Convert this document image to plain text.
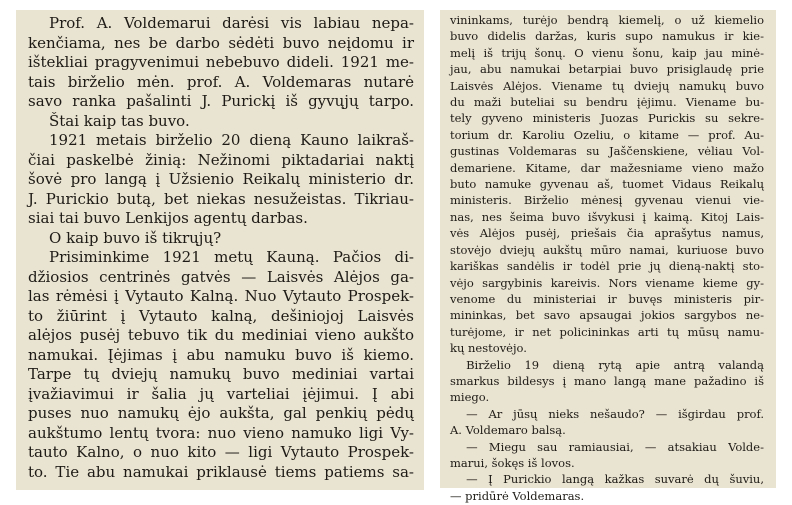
Prof. A. Voldemarui darėsi vis labiau nepa-
kenčiama, nes be darbo sėdėti buvo neįdomu ir
ištekliai pragyvenimui nebebuvo dideli. 1921 me-
tais birželio mėn. prof. A. Voldemaras nutarė
savo ranka pašalinti J. Purickį iš gyvųjų tarpo.
Štai kaip tas buvo.
1921 metais birželio 20 dieną Kauno laikraš-
čiai paskelbė žinią: Nežinomi piktadariai naktį
šovė pro langą į Užsienio Reikalų ministerio dr.
J. Purickio butą, bet niekas nesužeistas. Tikriau-
siai tai buvo Lenkijos agentų darbas.
O kaip buvo iš tikrųjų?
Prisiminkime 1921 metų Kauną. Pačios di-
džiosios centrinės gatvės — Laisvės Alėjos ga-
las rėmėsi į Vytauto Kalną. Nuo Vytauto Prospek-
to žiūrint į Vytauto kalną, dešiniojoj Laisvės
alėjos pusėj tebuvo tik du mediniai vieno aukšto
namukai. Įėjimas į abu namuku buvo iš kiemo.
Tarpe tų dviejų namukų buvo mediniai vartai
įvažiavimui ir šalia jų varteliai įėjimui. Į abi
puses nuo namukų ėjo aukšta, gal penkių pėdų
aukštumo lentų tvora: nuo vieno namuko ligi Vy-
tauto Kalno, o nuo kito — ligi Vytauto Prospek-
to. Tie abu namukai priklausė tiems patiems sa-
vininkams, turėjo bendrą kiemelį, o už kiemelio
buvo didelis daržas, kuris supo namukus ir kie-
melį iš trijų šonų. O vienu šonu, kaip jau minė-
jau, abu namukai betarpiai buvo prisiglaudę prie
Laisvės Alėjos. Viename tų dviejų namukų buvo
du maži buteliai su bendru įėjimu. Viename bu-
tely gyveno ministeris Juozas Purickis su sekre-
torium dr. Karoliu Ozeliu, o kitame — prof. Au-
gustinas Voldemaras su Jaščenskiene, vėliau Vol-
demariene. Kitame, dar mažesniame vieno mažo
buto namuke gyvenau aš, tuomet Vidaus Reikalų
ministeris. Birželio mėnesį gyvenau vienui vie-
nas, nes šeima buvo išvykusi į kaimą. Kitoj Lais-
vės Alėjos pusėj, priešais čia aprašytus namus,
stovėjo dviejų aukštų mūro namai, kuriuose buvo
kariškas sandėlis ir todėl prie jų dieną-naktį sto-
vėjo sargybinis kareivis. Nors viename kieme gy-
venome du ministeriai ir buvęs ministeris pir-
mininkas, bet savo apsaugai jokios sargybos ne-
turėjome, ir net policininkas arti tų mūsų namu-
kų nestovėjo.
Birželio 19 dieną rytą apie antrą valandą
smarkus bildesys į mano langą mane pažadino iš
miego.
— Ar jūsų nieks nešaudo? — išgirdau prof.
A. Voldemaro balsą.
— Miegu sau ramiausiai, — atsakiau Volde-
marui, šokęs iš lovos.
— Į Purickio langą kažkas suvarė dų šuviu,
— pridūrė Voldemaras.
